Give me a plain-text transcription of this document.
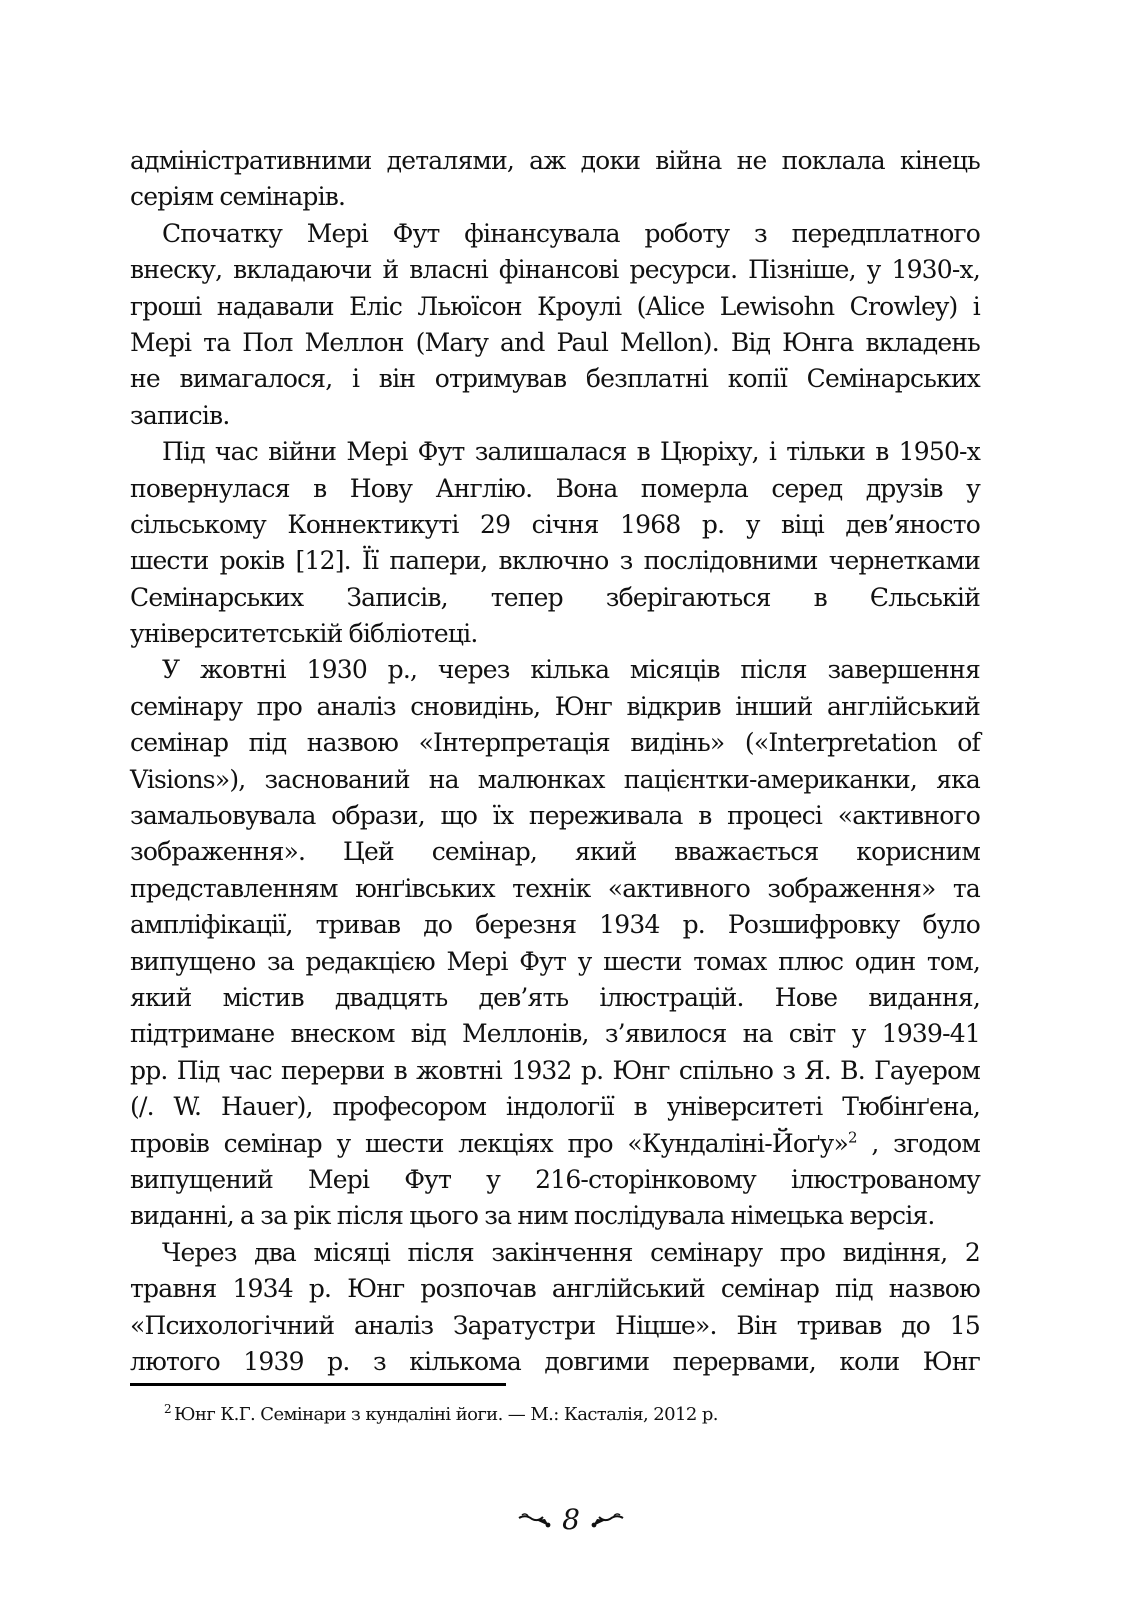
адміністративними деталями, аж доки війна не поклала кінець
серіям семінарів.
Спочатку Мері Фут фінансувала роботу з передплатного
внеску, вкладаючи й власні фінансові ресурси. Пізніше, у 1930-х,
гроші надавали Еліс Льюїсон Кроулі (Alice Lewisohn Crowley) і
Мері та Пол Меллон (Mary and Paul Mellon). Від Юнга вкладень
не вимагалося, і він отримував безплатні копії Семінарських
записів.
Під час війни Мері Фут залишалася в Цюріху, і тільки в 1950-х
повернулася в Нову Англію. Вона померла серед друзів у
сільському Коннектикуті 29 січня 1968 р. у віці дев’яносто
шести років [12]. Її папери, включно з послідовними чернетками
Семінарських Записів, тепер зберігаються в Єльській
університетській бібліотеці.
У жовтні 1930 р., через кілька місяців після завершення
семінару про аналіз сновидінь, Юнг відкрив інший англійський
семінар під назвою «Інтерпретація видінь» («Interpretation of
Visions»), заснований на малюнках пацієнтки-американки, яка
замальовувала образи, що їх переживала в процесі «активного
зображення». Цей семінар, який вважається корисним
представленням юнґівських технік «активного зображення» та
ампліфікації, тривав до березня 1934 р. Розшифровку було
випущено за редакцією Мері Фут у шести томах плюс один том,
який містив двадцять дев’ять ілюстрацій. Нове видання,
підтримане внеском від Меллонів, з’явилося на світ у 1939-41
рр. Під час перерви в жовтні 1932 р. Юнг спільно з Я. В. Гауером
(/. W. Hauer), професором індології в університеті Тюбінґена,
провів семінар у шести лекціях про «Кундаліні-Йоґу»$^2$ , згодом
випущений Мері Фут у 216-сторінковому ілюстрованому
виданні, а за рік після цього за ним послідувала німецька версія.
Через два місяці після закінчення семінару про видіння, 2
травня 1934 р. Юнг розпочав англійський семінар під назвою
«Психологічний аналіз Заратустри Ніцше». Він тривав до 15
лютого 1939 р. з кількома довгими перервами, коли Юнг
$^2$ Юнг К.Г. Семінари з кундаліні йоги. — М.: Касталія, 2012 р.
8
